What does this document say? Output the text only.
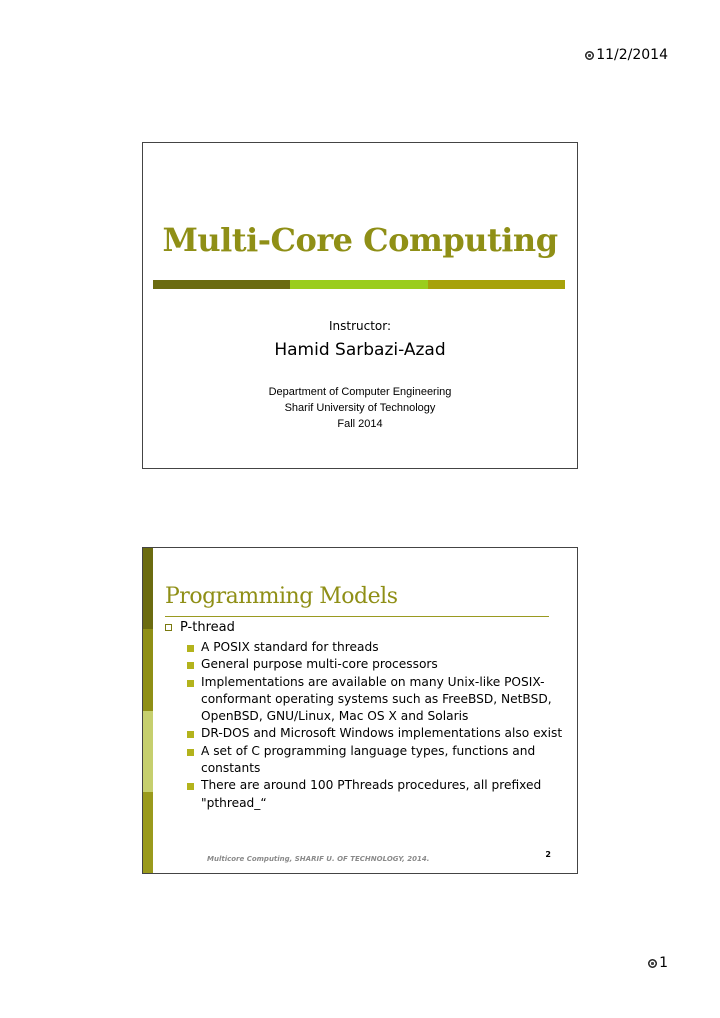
11/2/2014
Multi-Core Computing
Instructor:
Hamid Sarbazi-Azad
Department of Computer Engineering
Sharif University of Technology
Fall 2014
Programming Models
P-thread
A POSIX standard for threads
General purpose multi-core processors
Implementations are available on many Unix-like POSIX-conformant operating systems such as FreeBSD, NetBSD, OpenBSD, GNU/Linux, Mac OS X and Solaris
DR-DOS and Microsoft Windows implementations also exist
A set of C programming language types, functions and constants
There are around 100 PThreads procedures, all prefixed "pthread_“
2
Multicore Computing, SHARIF U. OF TECHNOLOGY, 2014.
1
